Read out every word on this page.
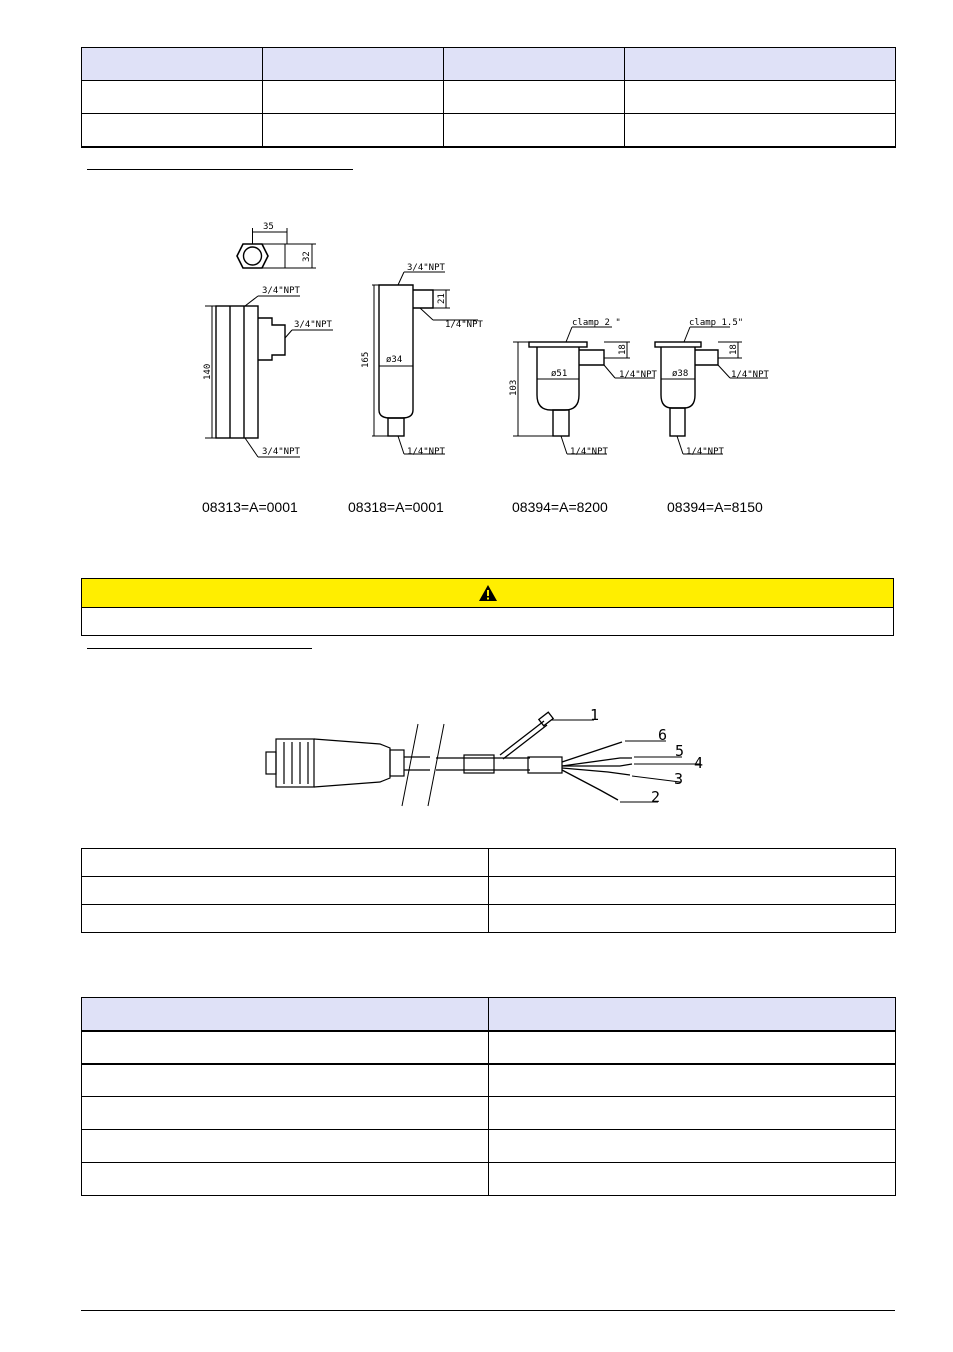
35
32
3/4"NPT
3/4"NPT
140
3/4"NPT
3/4"NPT
21
1/4"NPT
165 ø34
1/4"NPT
clamp 2 "
18
1/4"NPT
ø51
103
1/4"NPT
clamp 1.5"
18
1/4"NPT
ø38
1/4"NPT
08313=A=0001	08318=A=0001	08394=A=8200	08394=A=8150
1
6
5
4
3
2
